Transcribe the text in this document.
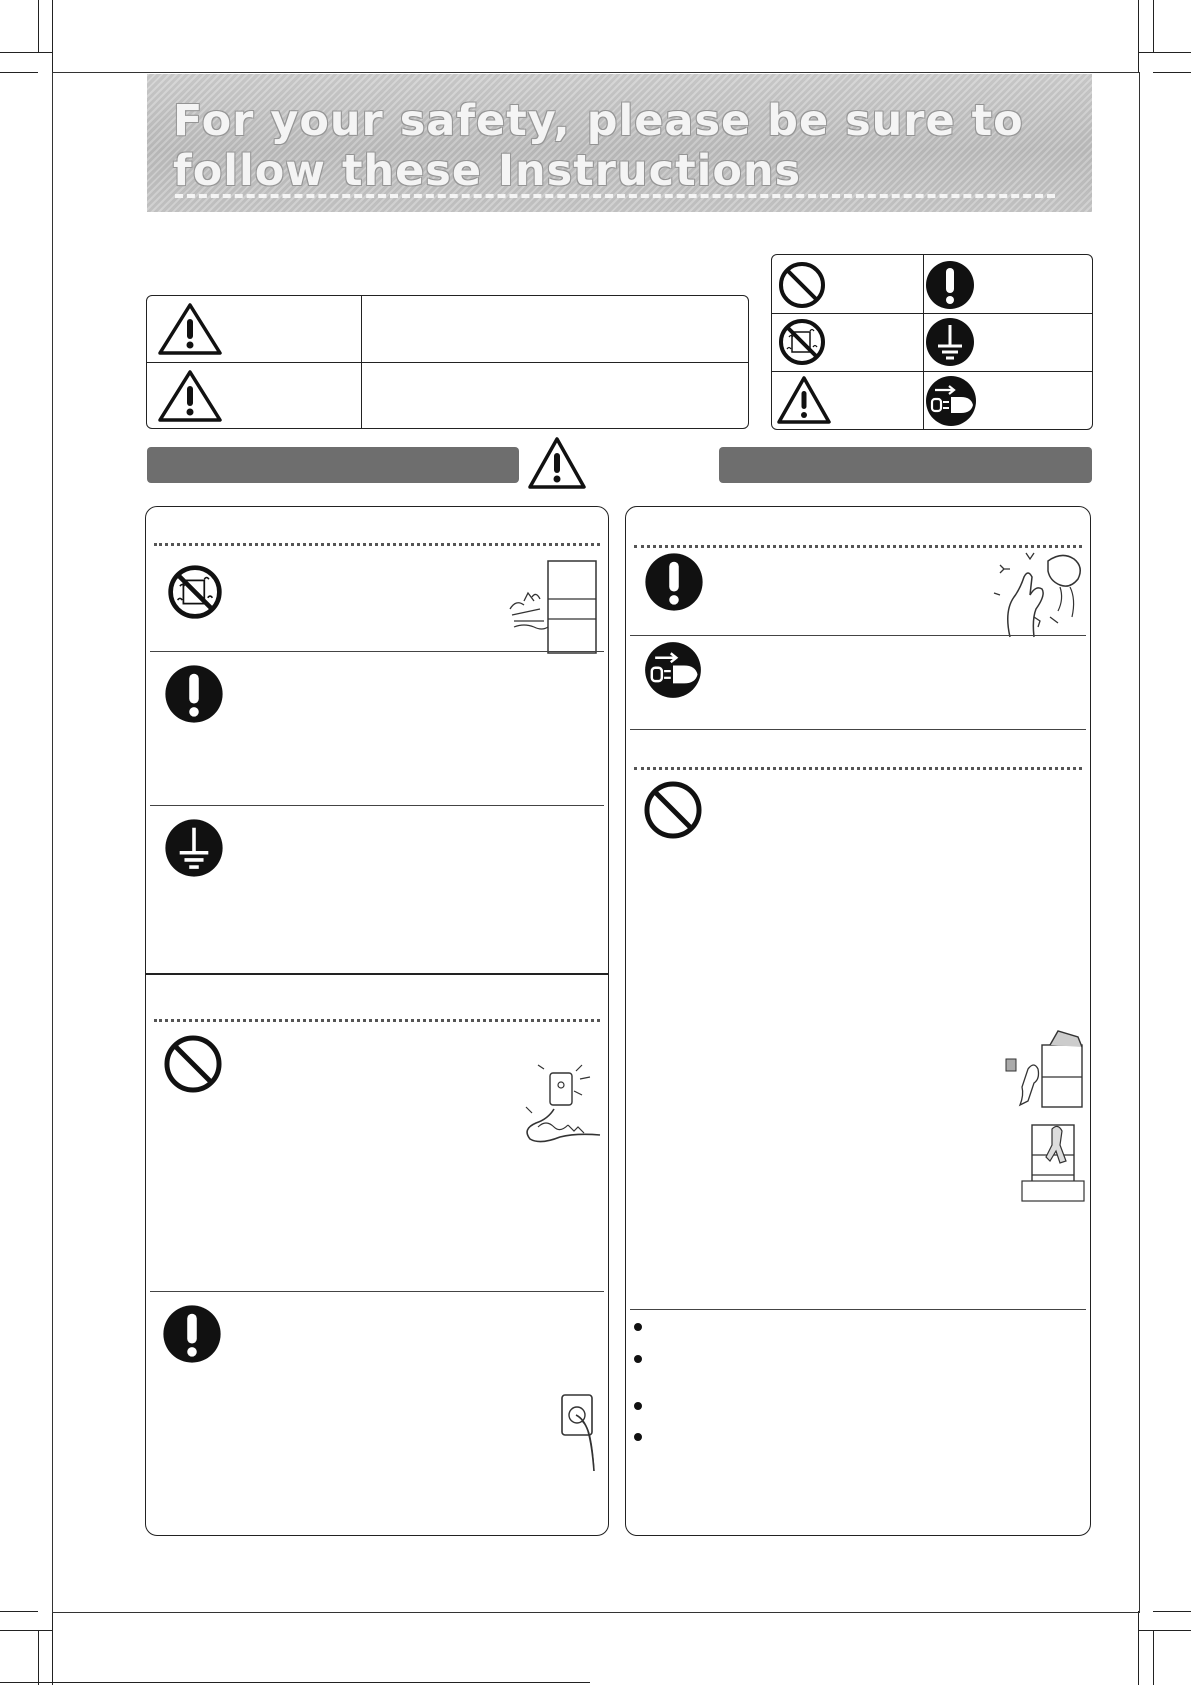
For your safety, please be sure to follow these Instructions
